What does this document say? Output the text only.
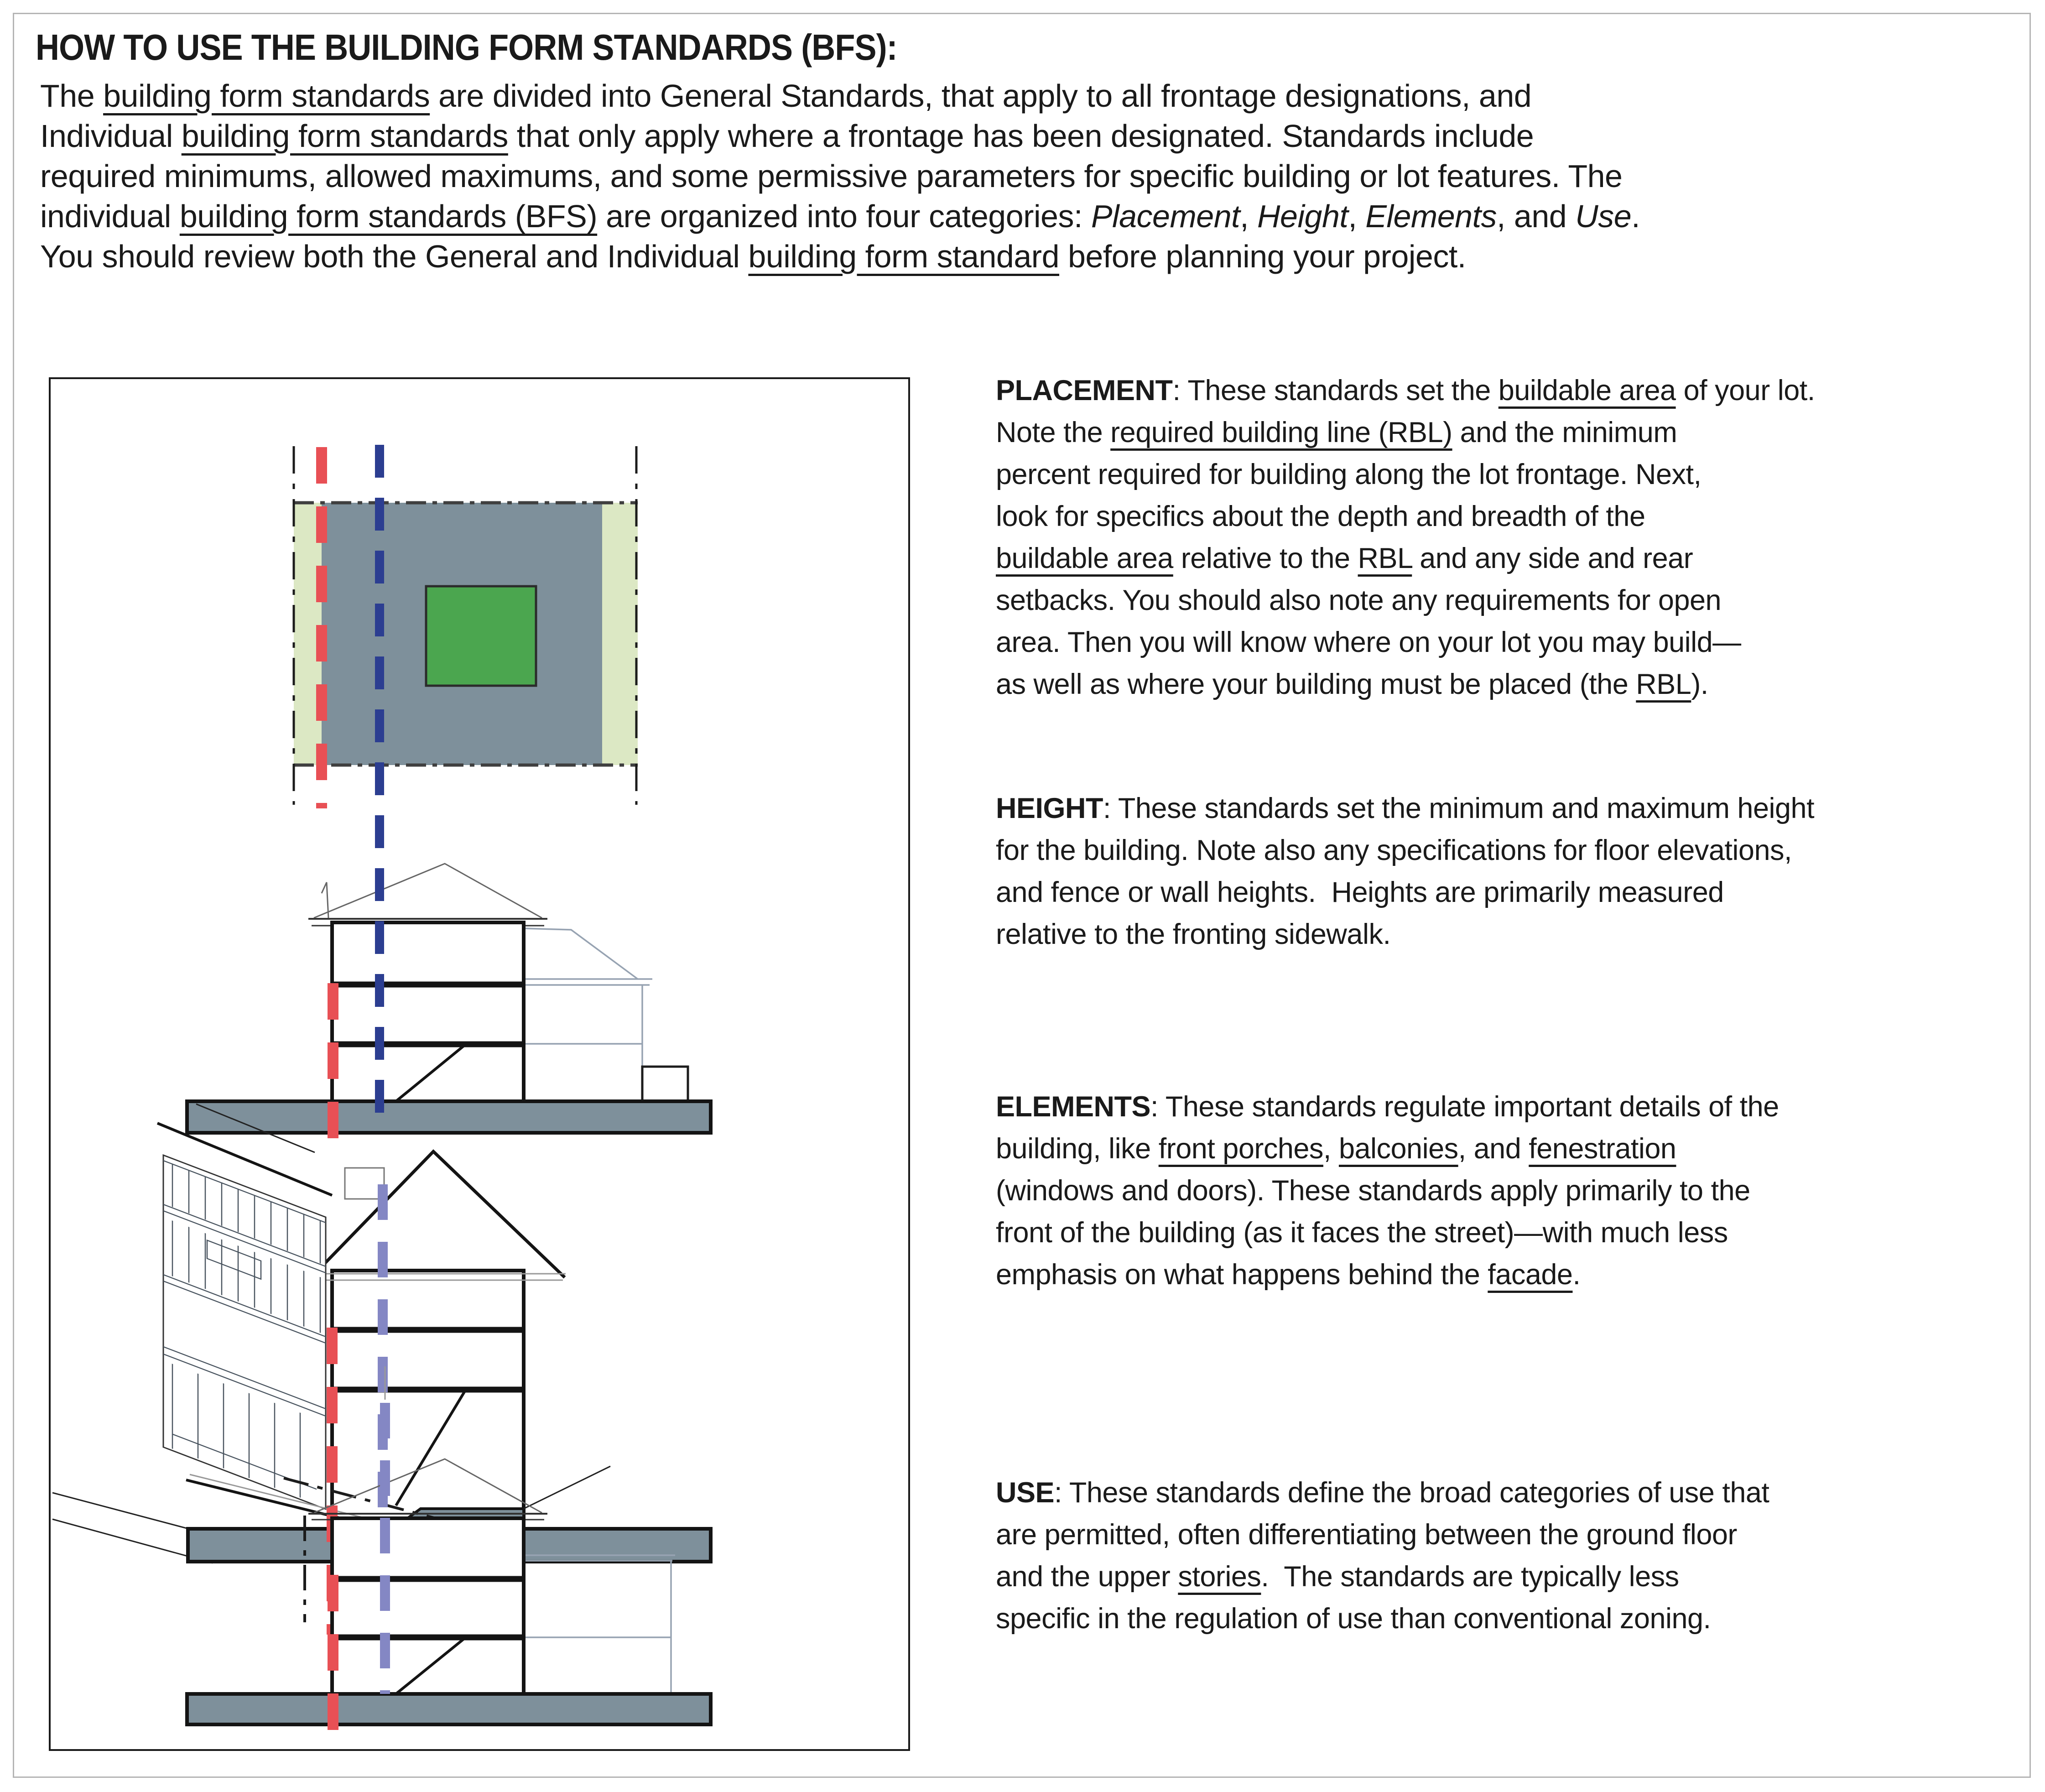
HOW TO USE THE BUILDING FORM STANDARDS (BFS):
The building form standards are divided into General Standards, that apply to all frontage designations, and
Individual building form standards that only apply where a frontage has been designated. Standards include
required minimums, allowed maximums, and some permissive parameters for specific building or lot features. The
individual building form standards (BFS) are organized into four categories: Placement, Height, Elements, and Use.
You should review both the General and Individual building form standard before planning your project.
PLACEMENT: These standards set the buildable area of your lot.
Note the required building line (RBL) and the minimum
percent required for building along the lot frontage. Next,
look for specifics about the depth and breadth of the
buildable area relative to the RBL and any side and rear
setbacks. You should also note any requirements for open
area. Then you will know where on your lot you may build—
as well as where your building must be placed (the RBL).
HEIGHT: These standards set the minimum and maximum height
for the building. Note also any specifications for floor elevations,
and fence or wall heights.  Heights are primarily measured
relative to the fronting sidewalk.
ELEMENTS: These standards regulate important details of the
building, like front porches, balconies, and fenestration
(windows and doors). These standards apply primarily to the
front of the building (as it faces the street)—with much less
emphasis on what happens behind the facade.
USE: These standards define the broad categories of use that
are permitted, often differentiating between the ground floor
and the upper stories.  The standards are typically less
specific in the regulation of use than conventional zoning.
